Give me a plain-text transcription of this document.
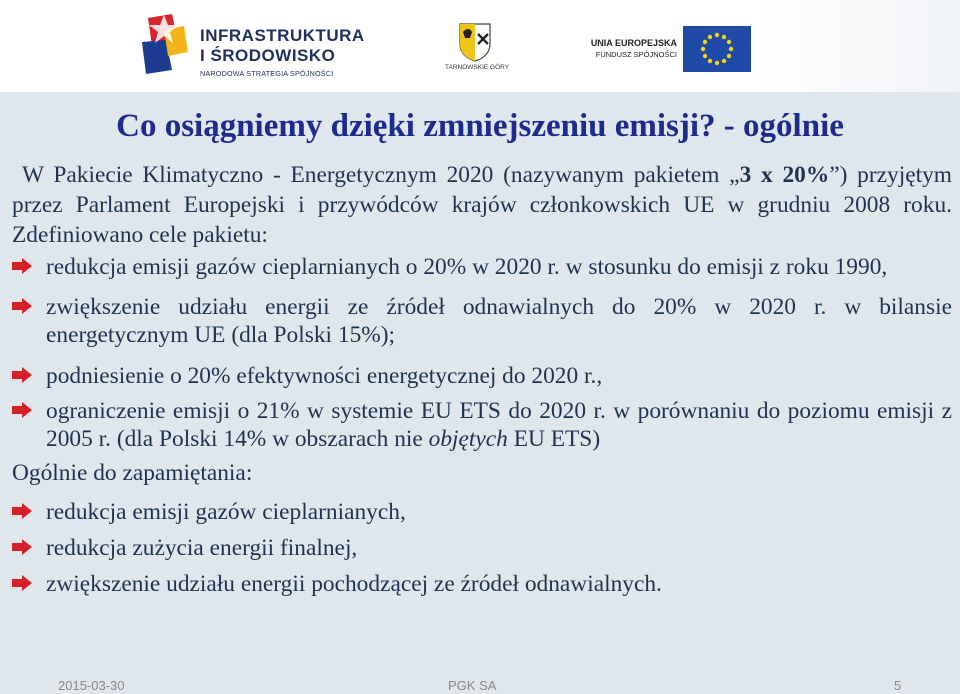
INFRASTRUKTURA
I ŚRODOWISKO
NARODOWA STRATEGIA SPÓJNOŚCI
TARNOWSKIE GÓRY
UNIA EUROPEJSKA
FUNDUSZ SPÓJNOŚCI
Co osiągniemy dzięki zmniejszeniu emisji? - ogólnie

W Pakiecie Klimatyczno - Energetycznym 2020 (nazywanym pakietem „3 x 20%”) przyjętym przez Parlament Europejski i przywódców krajów członkowskich UE w grudniu 2008 roku. Zdefiniowano cele pakietu:

redukcja emisji gazów cieplarnianych o 20% w 2020 r. w stosunku do emisji z roku 1990,
zwiększenie udziału energii ze źródeł odnawialnych do 20% w 2020 r. w bilansie energetycznym UE (dla Polski 15%);
podniesienie o 20% efektywności energetycznej do 2020 r.,
ograniczenie emisji o 21% w systemie EU ETS do 2020 r. w porównaniu do poziomu emisji z 2005 r. (dla Polski 14% w obszarach nie objętych EU ETS)
Ogólnie do zapamiętania:
redukcja emisji gazów cieplarnianych,
redukcja zużycia energii finalnej,
zwiększenie udziału energii pochodzącej ze źródeł odnawialnych.
2015-03-30	PGK SA	5
